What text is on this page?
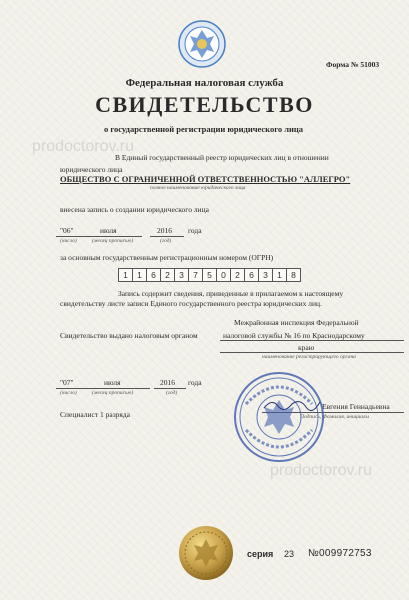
prodoctorov.ru
prodoctorov.ru
Форма № 51003
Федеральная налоговая служба
СВИДЕТЕЛЬСТВО
о государственной регистрации юридического лица
В Единый государственный реестр юридических лиц в отношении
юридического лица
ОБЩЕСТВО С ОГРАНИЧЕННОЙ ОТВЕТСТВЕННОСТЬЮ "АЛЛЕГРО"
полное наименование юридического лица
внесена запись о создании юридического лица
"06"	июля	2016 года
(число)	(месяц прописью)	(год)
за основным государственным регистрационным номером (ОГРН)
1	1	6	2	3	7	5	0	2	6	3	1	8
Запись содержит сведения, приведенные в прилагаемом к настоящему
свидетельству листе записи Единого государственного реестра юридических лиц.
Межрайонная инспекция Федеральной
Свидетельство выдано налоговым органом	налоговой службы № 16 по Краснодарскому
краю
наименование регистрирующего органа
"07"	июля	2016 года
(число)	(месяц прописью)	(год)
Специалист 1 разряда
Евгения Геннадьевна
Подпись, Фамилия, инициалы
серия 23 №009972753
